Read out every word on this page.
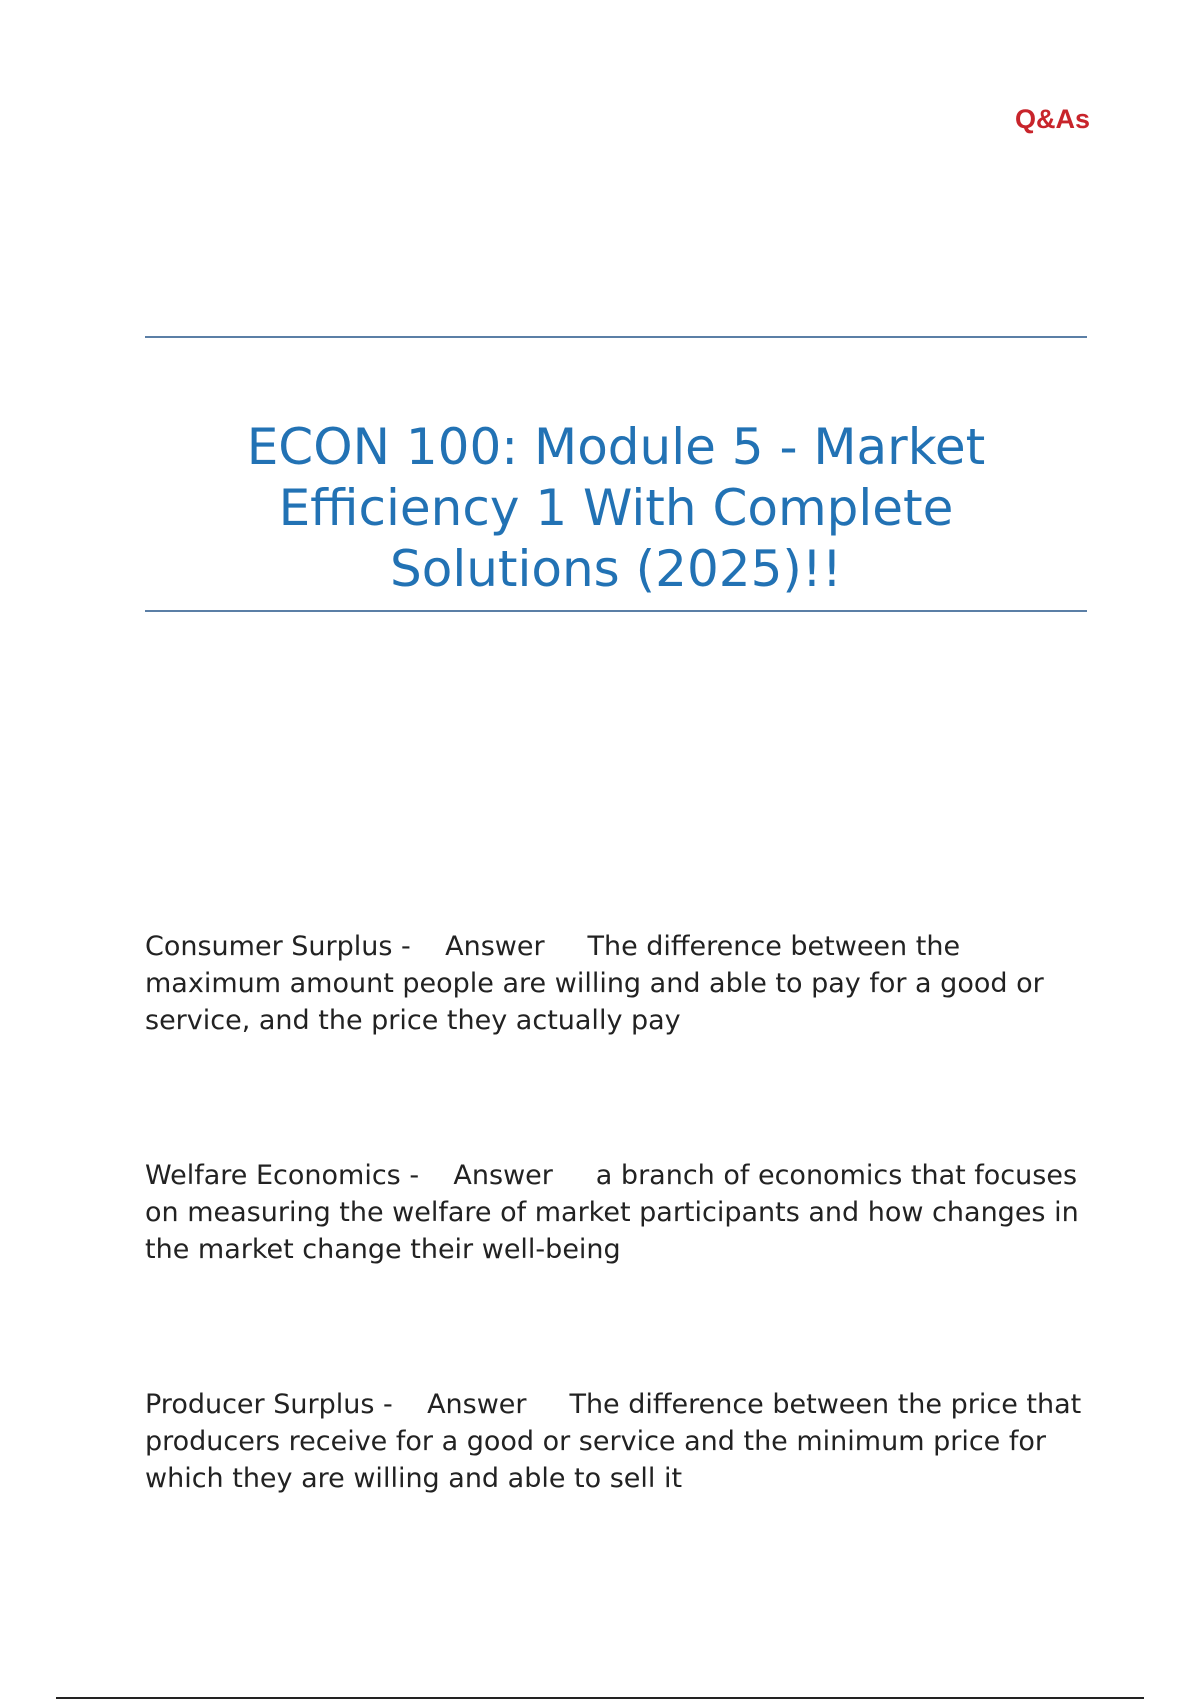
Q&As
ECON 100: Module 5 - Market Efficiency 1 With Complete Solutions (2025)!!

Consumer Surplus - Answer The difference between the maximum amount people are willing and able to pay for a good or service, and the price they actually pay

Welfare Economics - Answer a branch of economics that focuses on measuring the welfare of market participants and how changes in the market change their well-being

Producer Surplus - Answer The difference between the price that producers receive for a good or service and the minimum price for which they are willing and able to sell it
